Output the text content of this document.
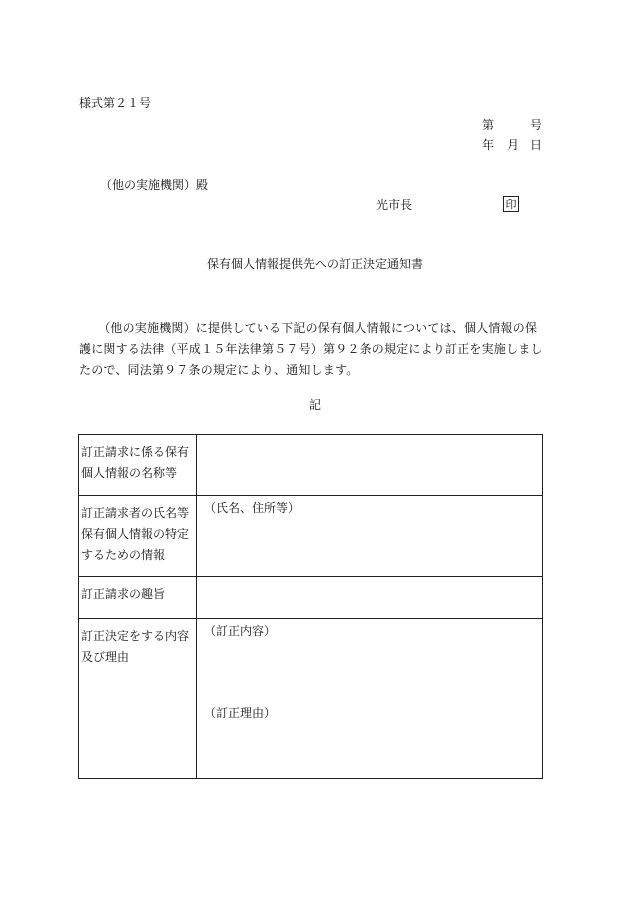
様式第２１号
第	号
年 月 日
（他の実施機関） 殿
光市長	印
保有個人情報提供先への訂正決定通知書
（他の実施機関）に提供している下記の保有個人情報については、個人情報の保護に関する法律（平成１５年法律第５７号）第９２条の規定により訂正を実施しましたので、同法第９７条の規定により、通知します。
記
訂正請求に係る保有個人情報の名称等	
訂正請求者の氏名等保有個人情報の特定するための情報	（氏名、住所等）
訂正請求の趣旨	
訂正決定をする内容及び理由	（訂正内容）
（訂正理由）
